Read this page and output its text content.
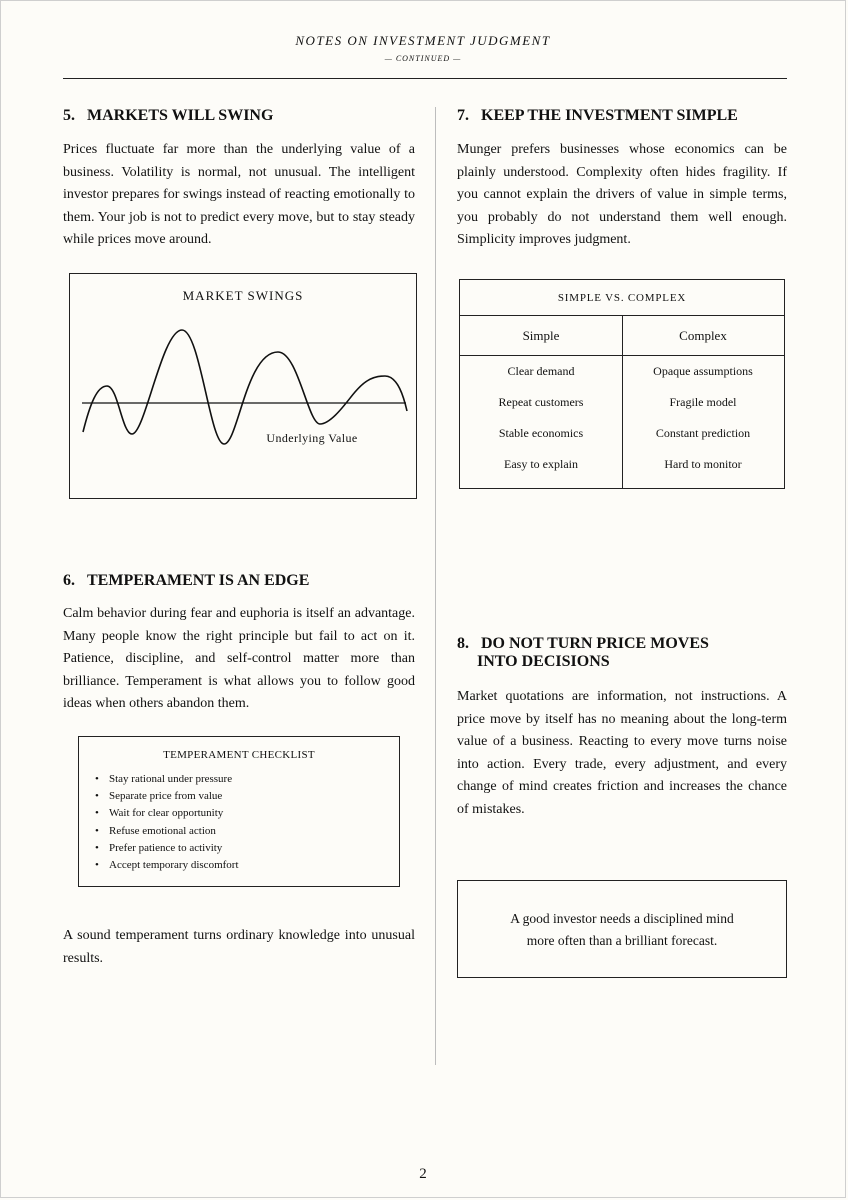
NOTES ON INVESTMENT JUDGMENT
— CONTINUED —
5. MARKETS WILL SWING

Prices fluctuate far more than the underlying value of a business. Volatility is normal, not unusual. The intelligent investor prepares for swings instead of reacting emotionally to them. Your job is not to predict every move, but to stay steady while prices move around.

MARKET SWINGS
Underlying Value
6. TEMPERAMENT IS AN EDGE

Calm behavior during fear and euphoria is itself an advantage. Many people know the right principle but fail to act on it. Patience, discipline, and self-control matter more than brilliance. Temperament is what allows you to follow good ideas when others abandon them.

TEMPERAMENT CHECKLIST
• Stay rational under pressure
• Separate price from value
• Wait for clear opportunity
• Refuse emotional action
• Prefer patience to activity
• Accept temporary discomfort

A sound temperament turns ordinary knowledge into unusual results.

7. KEEP THE INVESTMENT SIMPLE

Munger prefers businesses whose economics can be plainly understood. Complexity often hides fragility. If you cannot explain the drivers of value in simple terms, you probably do not understand them well enough. Simplicity improves judgment.

SIMPLE VS. COMPLEX
Simple	Complex
Clear demand
Repeat customers
Stable economics
Easy to explain
Opaque assumptions
Fragile model
Constant prediction
Hard to monitor
8. DO NOT TURN PRICE MOVES
INTO DECISIONS

Market quotations are information, not instructions. A price move by itself has no meaning about the long-term value of a business. Reacting to every move turns noise into action. Every trade, every adjustment, and every change of mind creates friction and increases the chance of mistakes.

A good investor needs a disciplined mind
more often than a brilliant forecast.
2
